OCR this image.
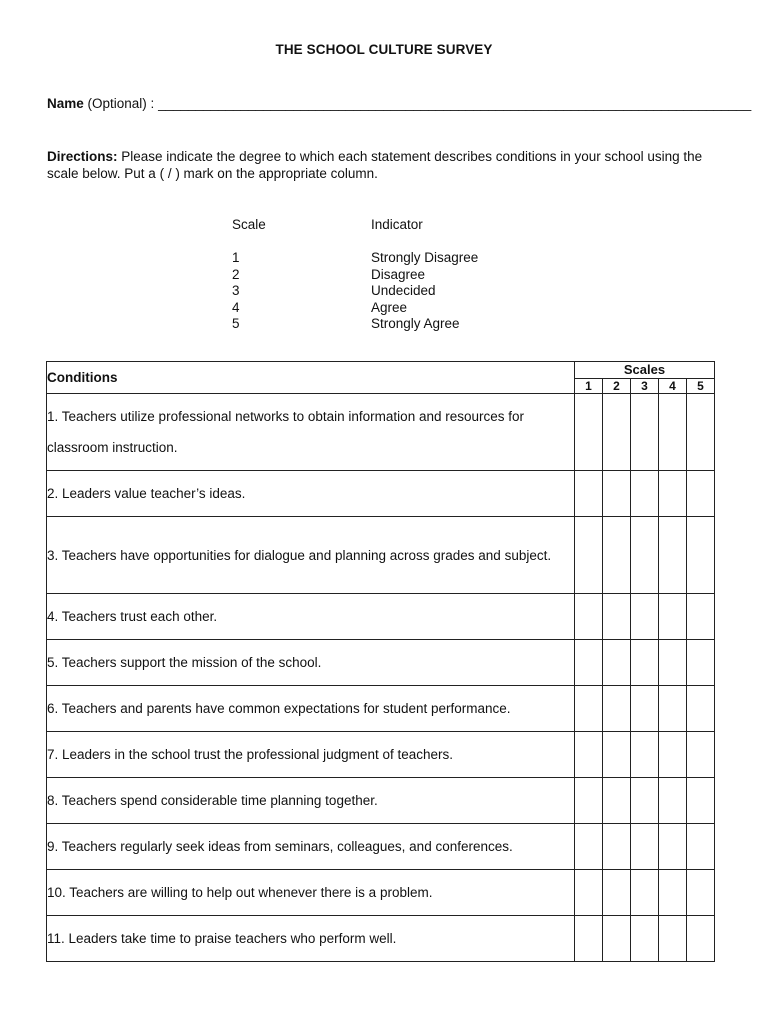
THE SCHOOL CULTURE SURVEY
Name (Optional) : _______________________________________________________________________________
Directions: Please indicate the degree to which each statement describes conditions in your school using the scale below. Put a ( / ) mark on the appropriate column.
Scale	Indicator
1	Strongly Disagree
2	Disagree
3	Undecided
4	Agree
5	Strongly Agree
Conditions	Scales				
	1	2	3	4	5
1. Teachers utilize professional networks to obtain information and resources for classroom instruction.					
2. Leaders value teacher’s ideas.					
3. Teachers have opportunities for dialogue and planning across grades and subject.					
4. Teachers trust each other.					
5. Teachers support the mission of the school.					
6. Teachers and parents have common expectations for student performance.					
7. Leaders in the school trust the professional judgment of teachers.					
8. Teachers spend considerable time planning together.					
9. Teachers regularly seek ideas from seminars, colleagues, and conferences.					
10. Teachers are willing to help out whenever there is a problem.					
11. Leaders take time to praise teachers who perform well.					
